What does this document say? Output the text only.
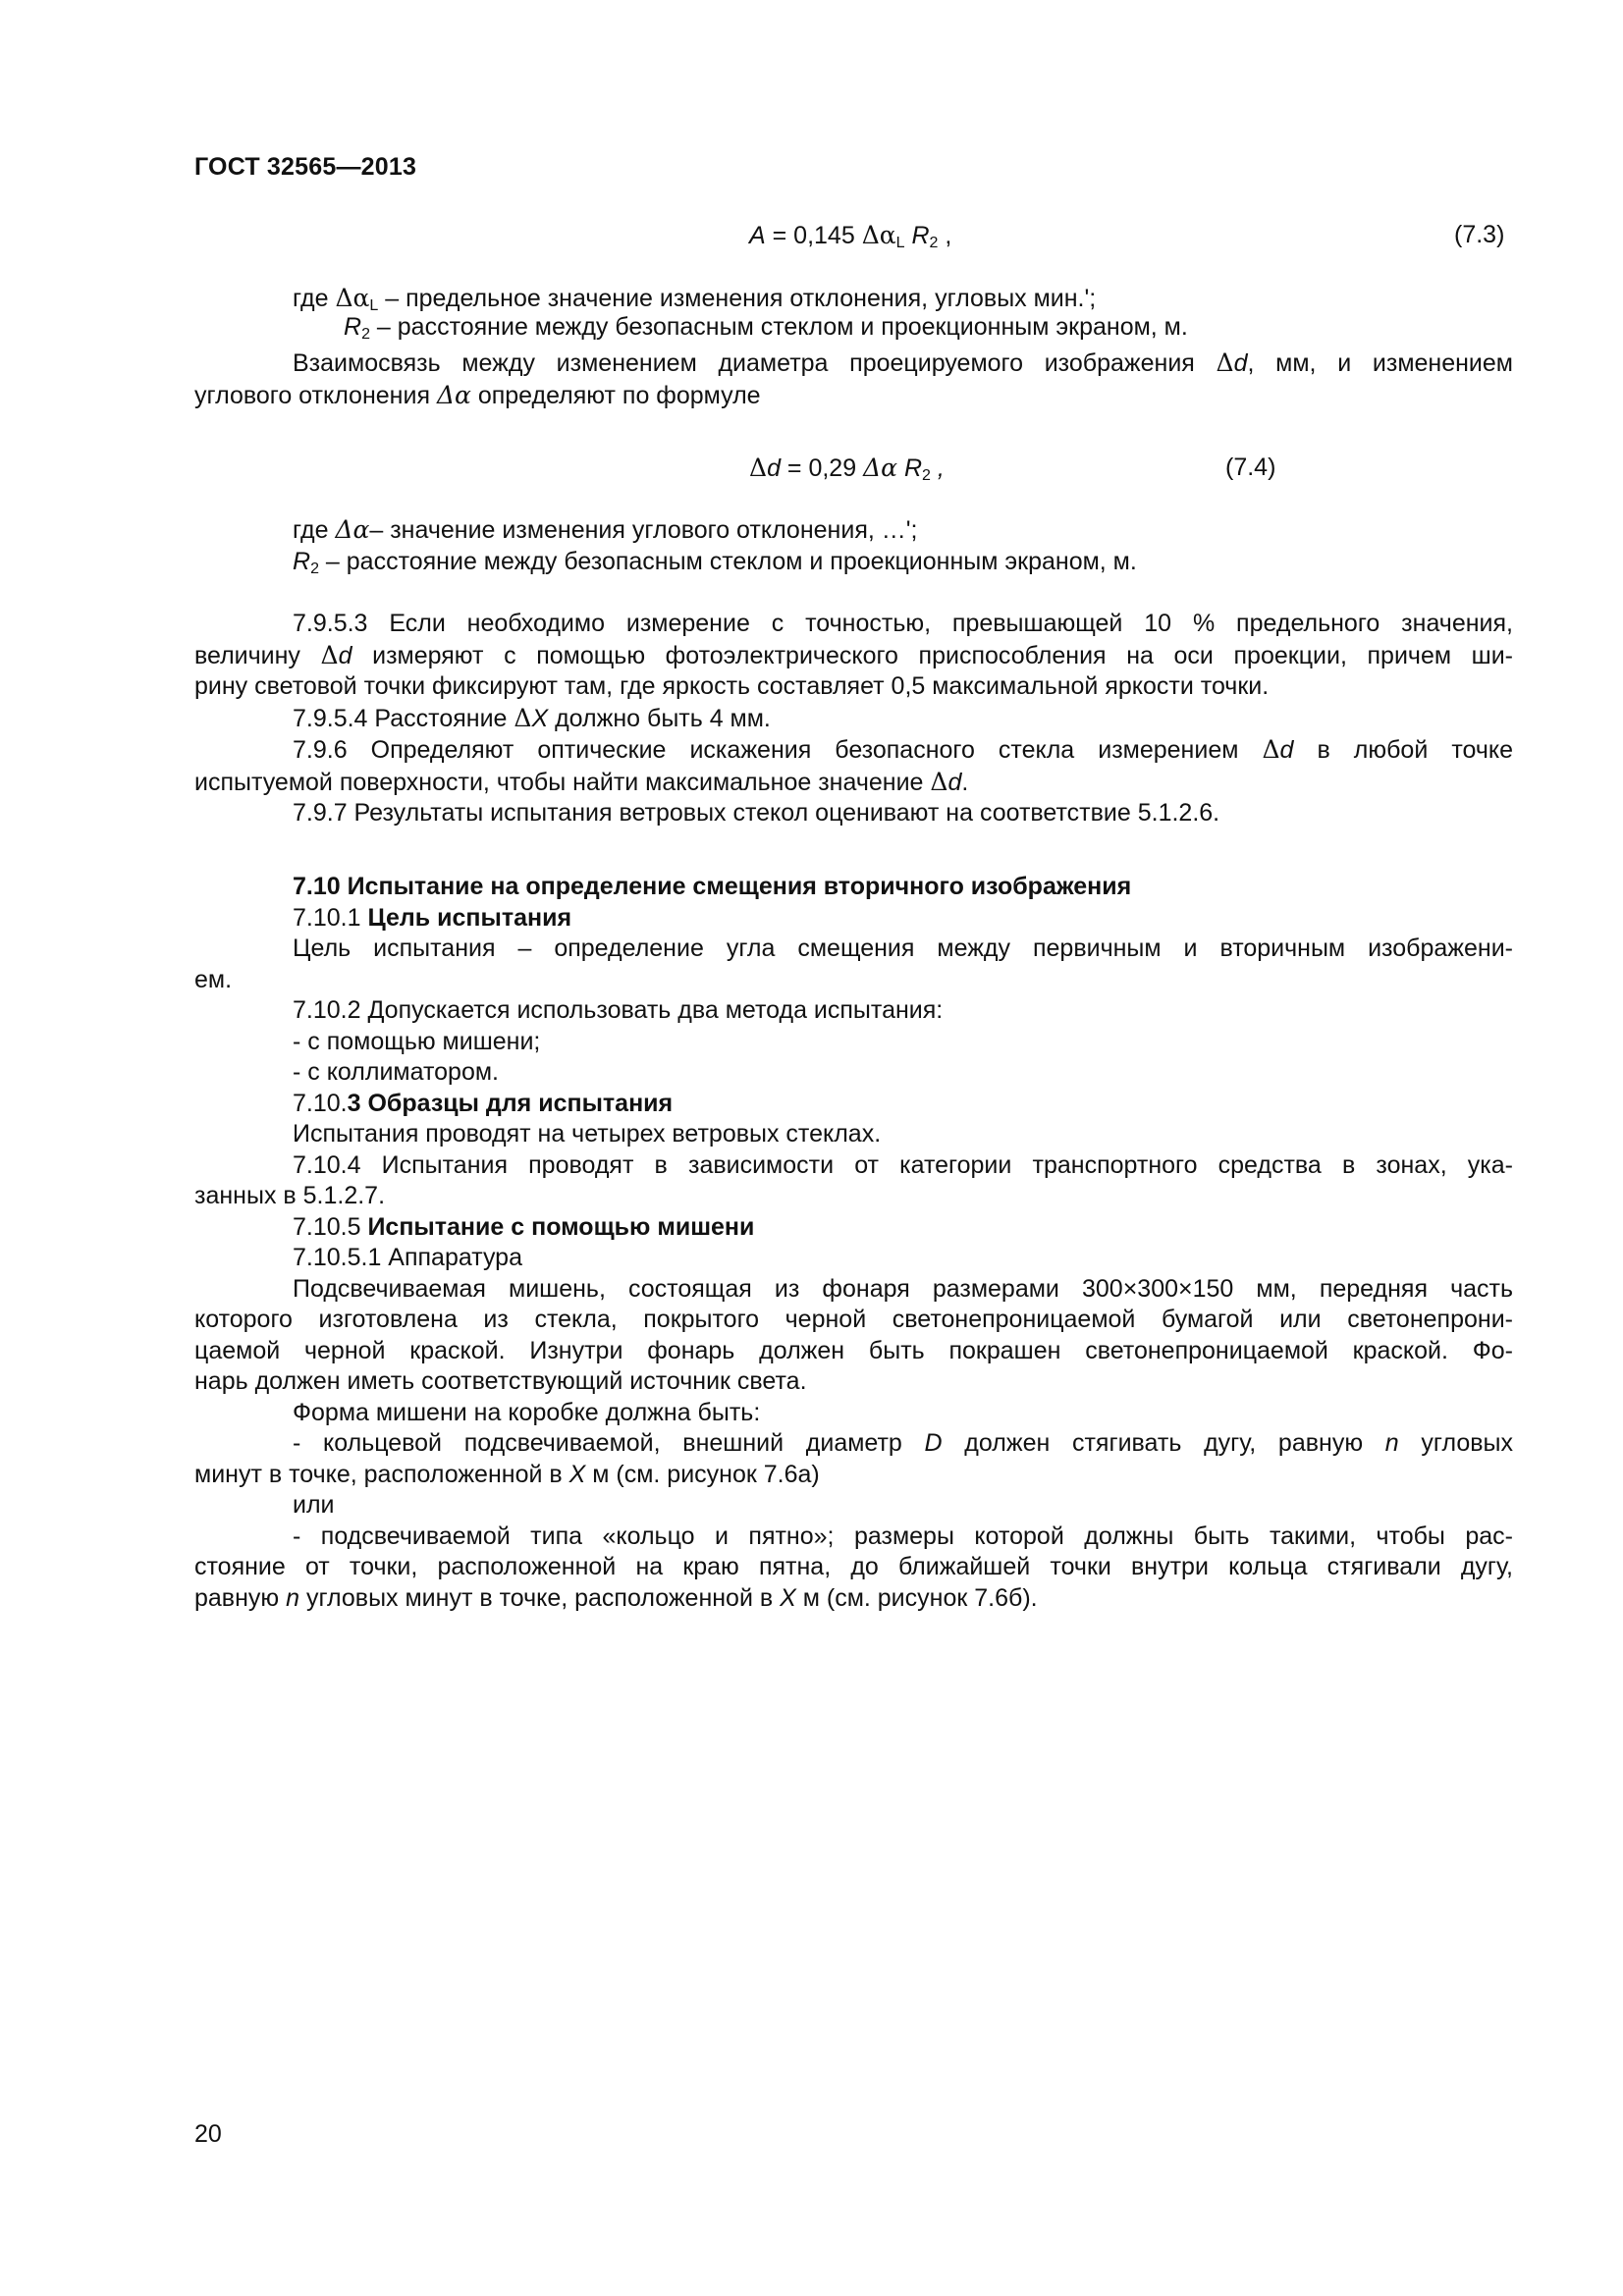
ГОСТ 32565—2013
A = 0,145 $\Delta\alpha_L$ $R_2$ ,	(7.3)
где $\Delta\alpha_L$ – предельное значение изменения отклонения, угловых мин.';
$R_2$ – расстояние между безопасным стеклом и проекционным экраном, м.
Взаимосвязь между изменением диаметра проецируемого изображения Δd, мм, и изменением
углового отклонения Δα определяют по формуле
Δd = 0,29 Δα $R_2$ ,	(7.4)
где Δα– значение изменения углового отклонения, …';
$R_2$ – расстояние между безопасным стеклом и проекционным экраном, м.
7.9.5.3 Если необходимо измерение с точностью, превышающей 10 % предельного значения,
величину Δd измеряют с помощью фотоэлектрического приспособления на оси проекции, причем ши-
рину световой точки фиксируют там, где яркость составляет 0,5 максимальной яркости точки.
7.9.5.4 Расстояние ΔX должно быть 4 мм.
7.9.6 Определяют оптические искажения безопасного стекла измерением Δd в любой точке
испытуемой поверхности, чтобы найти максимальное значение Δd.
7.9.7 Результаты испытания ветровых стекол оценивают на соответствие 5.1.2.6.
7.10 Испытание на определение смещения вторичного изображения
7.10.1 Цель испытания
Цель испытания – определение угла смещения между первичным и вторичным изображени-
ем.
7.10.2 Допускается использовать два метода испытания:
- с помощью мишени;
- с коллиматором.
7.10.3 Образцы для испытания
Испытания проводят на четырех ветровых стеклах.
7.10.4 Испытания проводят в зависимости от категории транспортного средства в зонах, ука-
занных в 5.1.2.7.
7.10.5 Испытание с помощью мишени
7.10.5.1 Аппаратура
Подсвечиваемая мишень, состоящая из фонаря размерами 300×300×150 мм, передняя часть
которого изготовлена из стекла, покрытого черной светонепроницаемой бумагой или светонепрони-
цаемой черной краской. Изнутри фонарь должен быть покрашен светонепроницаемой краской. Фо-
нарь должен иметь соответствующий источник света.
Форма мишени на коробке должна быть:
- кольцевой подсвечиваемой, внешний диаметр D должен стягивать дугу, равную n угловых
минут в точке, расположенной в X м (см. рисунок 7.6а)
или
- подсвечиваемой типа «кольцо и пятно»; размеры которой должны быть такими, чтобы рас-
стояние от точки, расположенной на краю пятна, до ближайшей точки внутри кольца стягивали дугу,
равную n угловых минут в точке, расположенной в X м (см. рисунок 7.6б).
20
